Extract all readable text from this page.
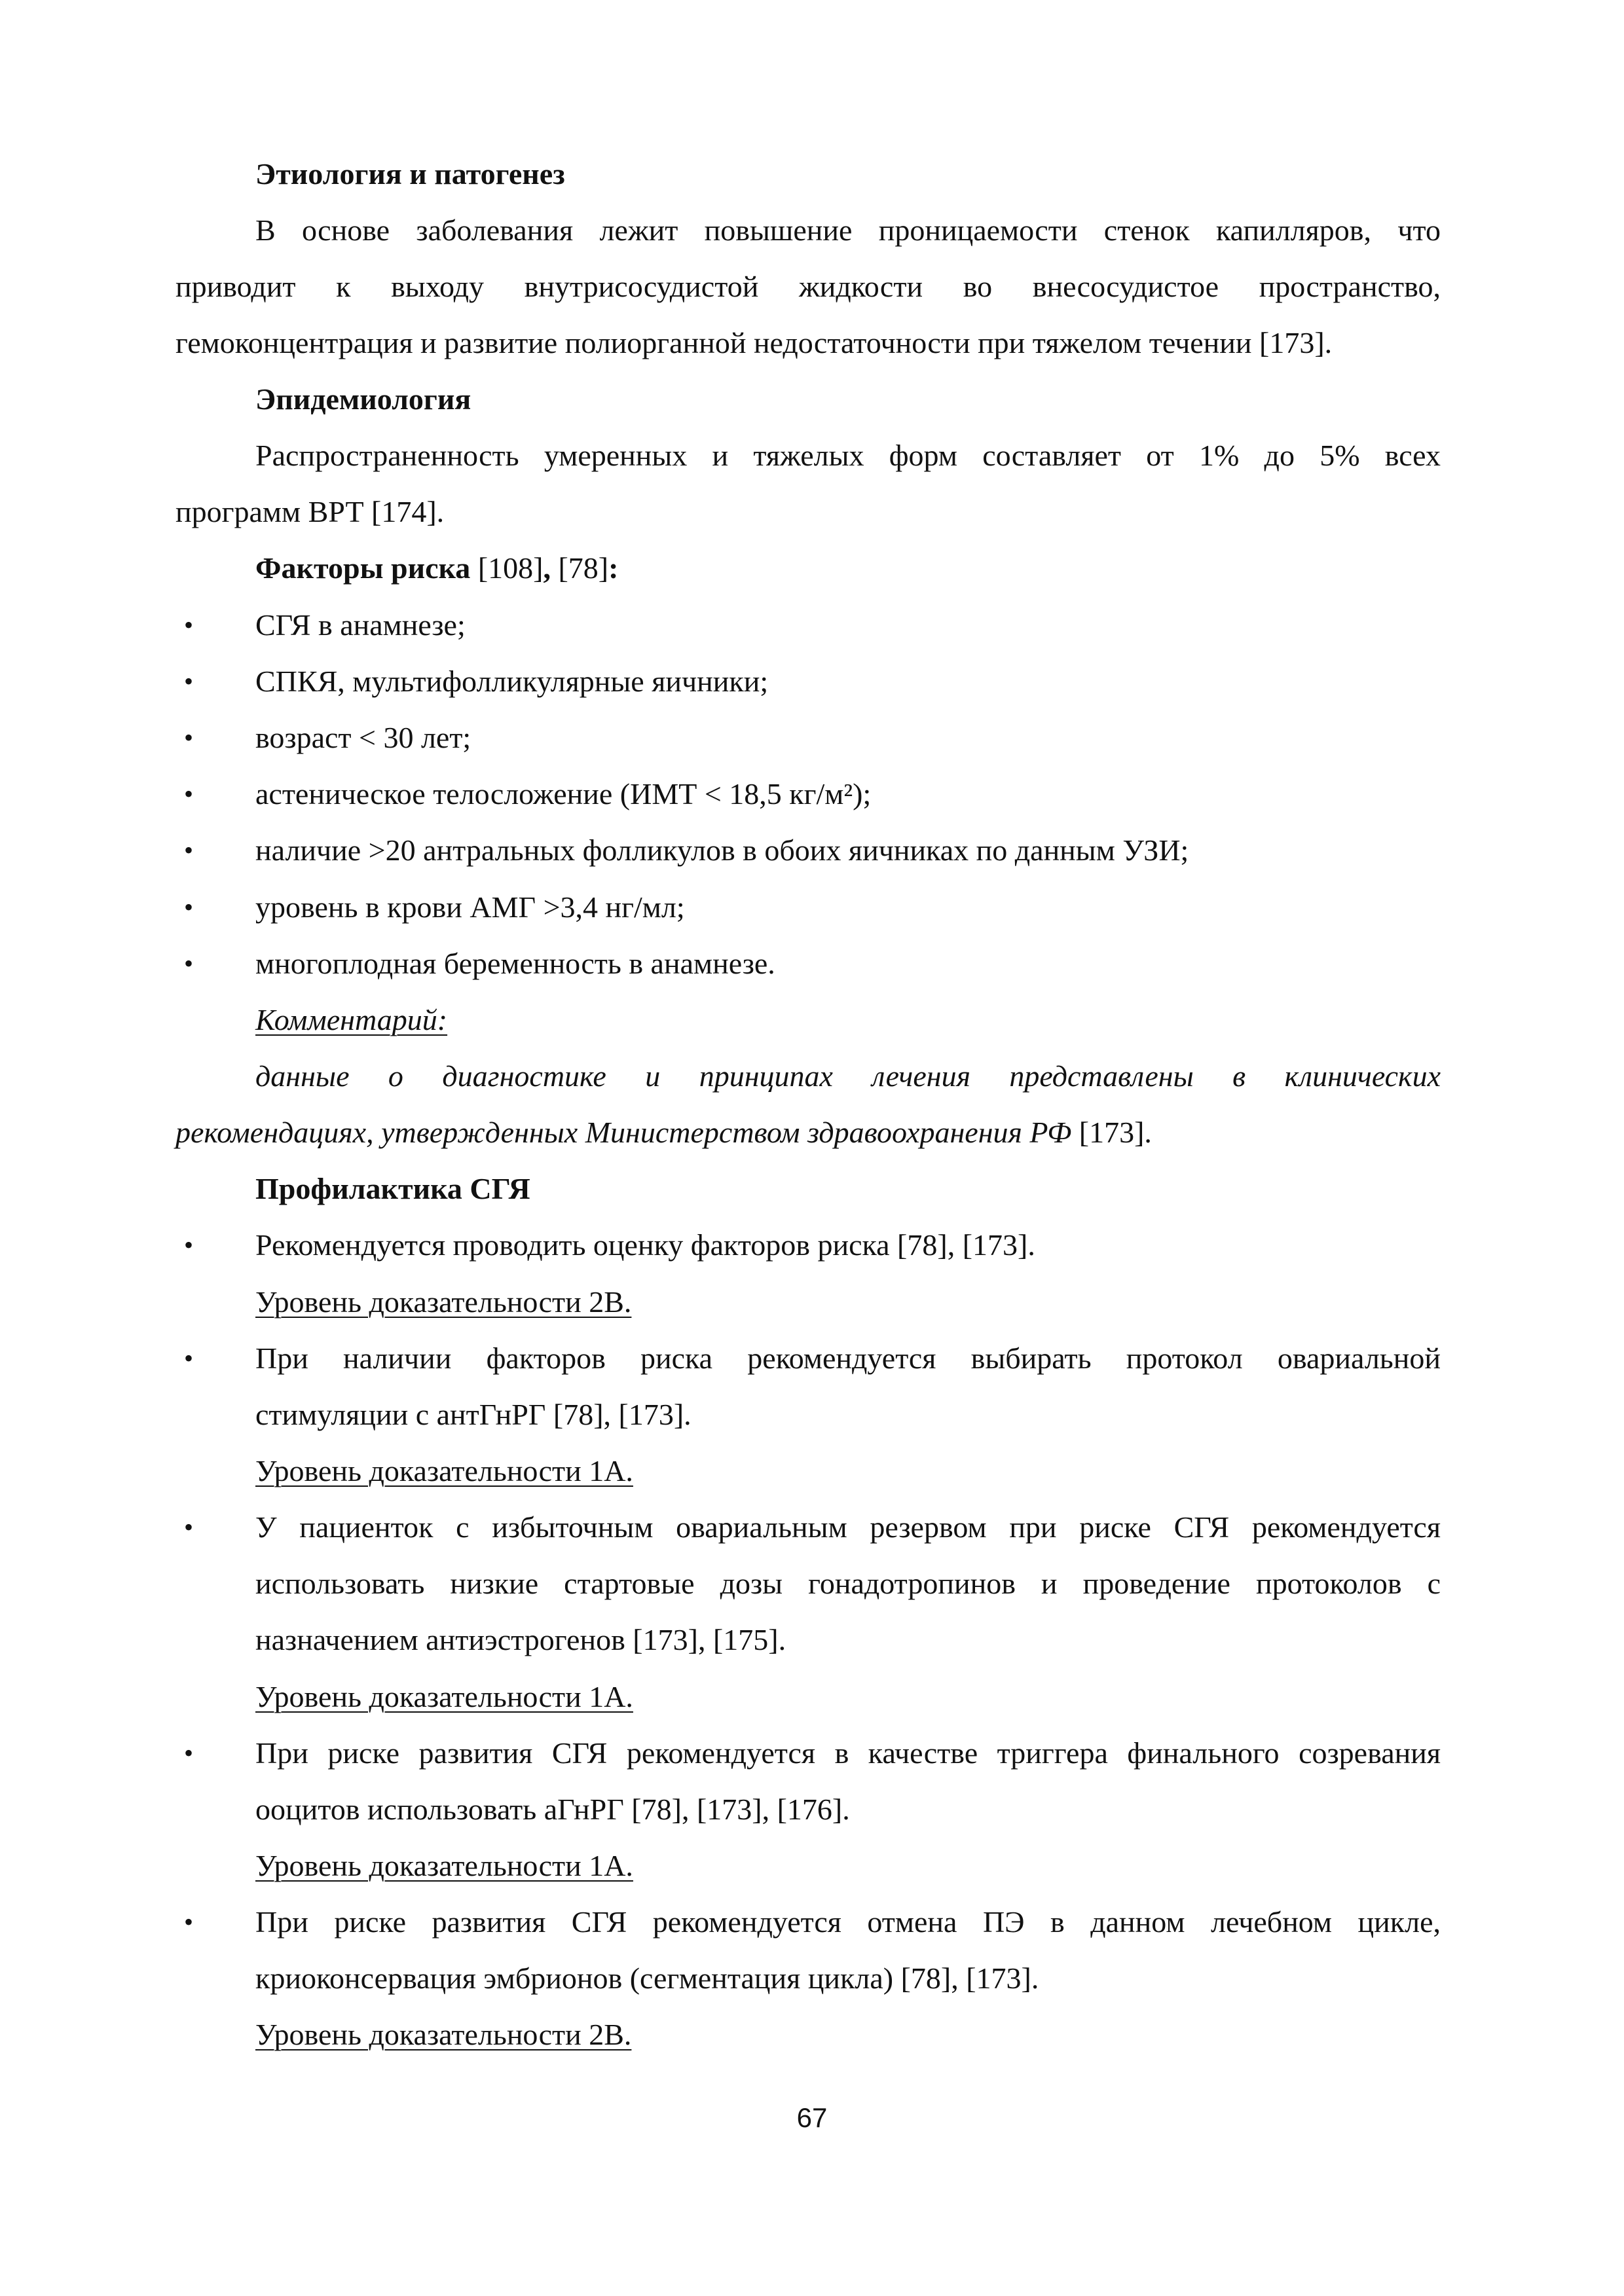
Этиология и патогенез
В основе заболевания лежит повышение проницаемости стенок капилляров, что
приводит к выходу внутрисосудистой жидкости во внесосудистое пространство,
гемоконцентрация и развитие полиорганной недостаточности при тяжелом течении [173].
Эпидемиология
Распространенность умеренных и тяжелых форм составляет от 1% до 5% всех
программ ВРТ [174].
Факторы риска [108], [78]:
• СГЯ в анамнезе;
• СПКЯ, мультифолликулярные яичники;
• возраст < 30 лет;
• астеническое телосложение (ИМТ < 18,5 кг/м²);
• наличие >20 антральных фолликулов в обоих яичниках по данным УЗИ;
• уровень в крови АМГ >3,4 нг/мл;
• многоплодная беременность в анамнезе.
Комментарий:
данные о диагностике и принципах лечения представлены в клинических
рекомендациях, утвержденных Министерством здравоохранения РФ [173].
Профилактика СГЯ
• Рекомендуется проводить оценку факторов риска [78], [173].
Уровень доказательности 2B.
• При наличии факторов риска рекомендуется выбирать протокол овариальной
стимуляции с антГнРГ [78], [173].
Уровень доказательности 1А.
• У пациенток с избыточным овариальным резервом при риске СГЯ рекомендуется
использовать низкие стартовые дозы гонадотропинов и проведение протоколов с
назначением антиэстрогенов [173], [175].
Уровень доказательности 1А.
• При риске развития СГЯ рекомендуется в качестве триггера финального созревания
ооцитов использовать аГнРГ [78], [173], [176].
Уровень доказательности 1А.
• При риске развития СГЯ рекомендуется отмена ПЭ в данном лечебном цикле,
криоконсервация эмбрионов (сегментация цикла) [78], [173].
Уровень доказательности 2B.
67
